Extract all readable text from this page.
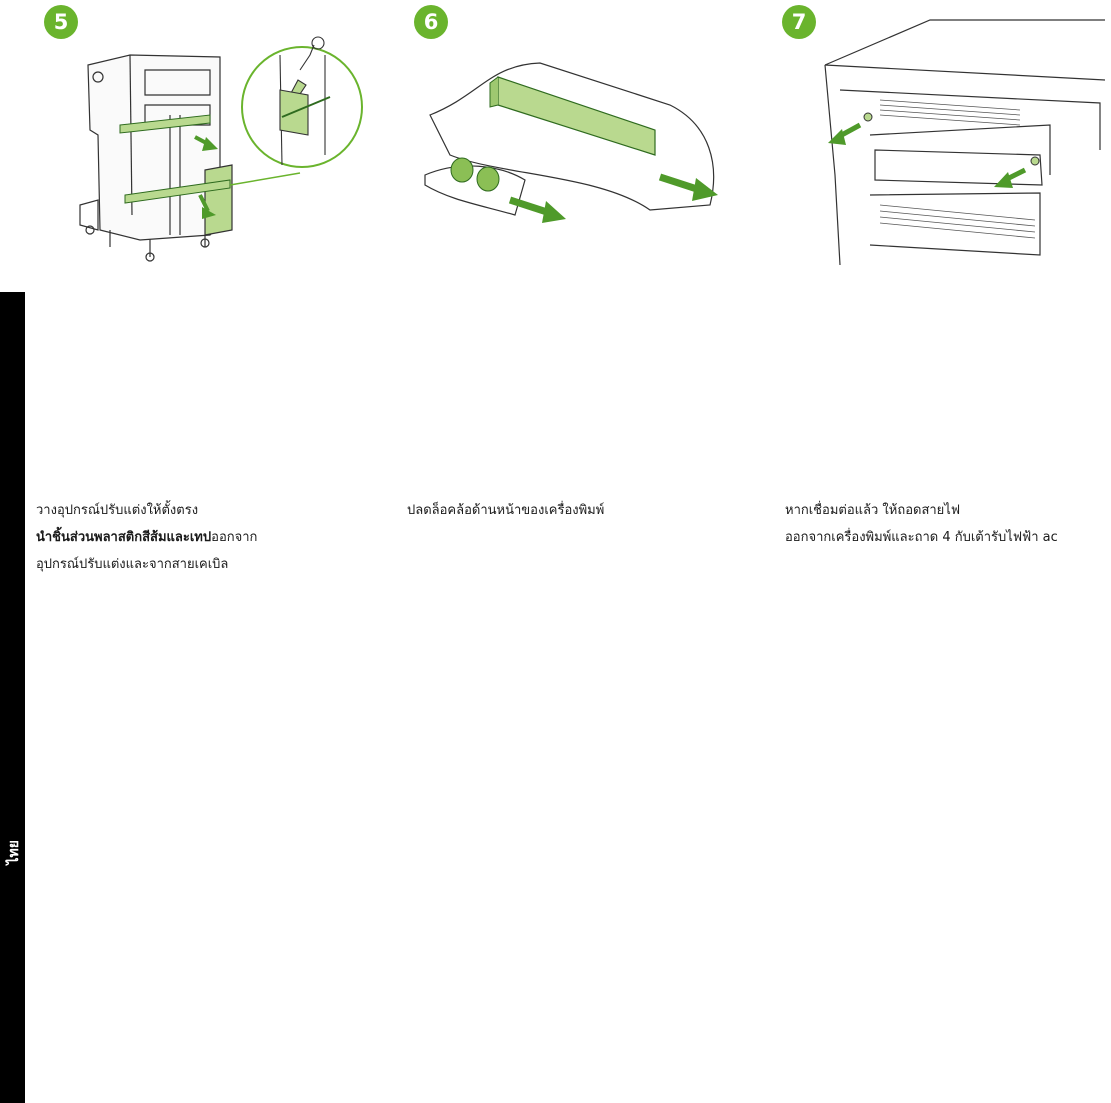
ไทย
5	6	7

วางอุปกรณ์ปรับแต่งให้ตั้งตรง

นำชิ้นส่วนพลาสติกสีส้มและเทปออกจาก

อุปกรณ์ปรับแต่งและจากสายเคเบิล

ปลดล็อคล้อด้านหน้าของเครื่องพิมพ์	หากเชื่อมต่อแล้ว ให้ถอดสายไฟ

ออกจากเครื่องพิมพ์และถาด 4 กับเต้ารับไฟฟ้า ac
